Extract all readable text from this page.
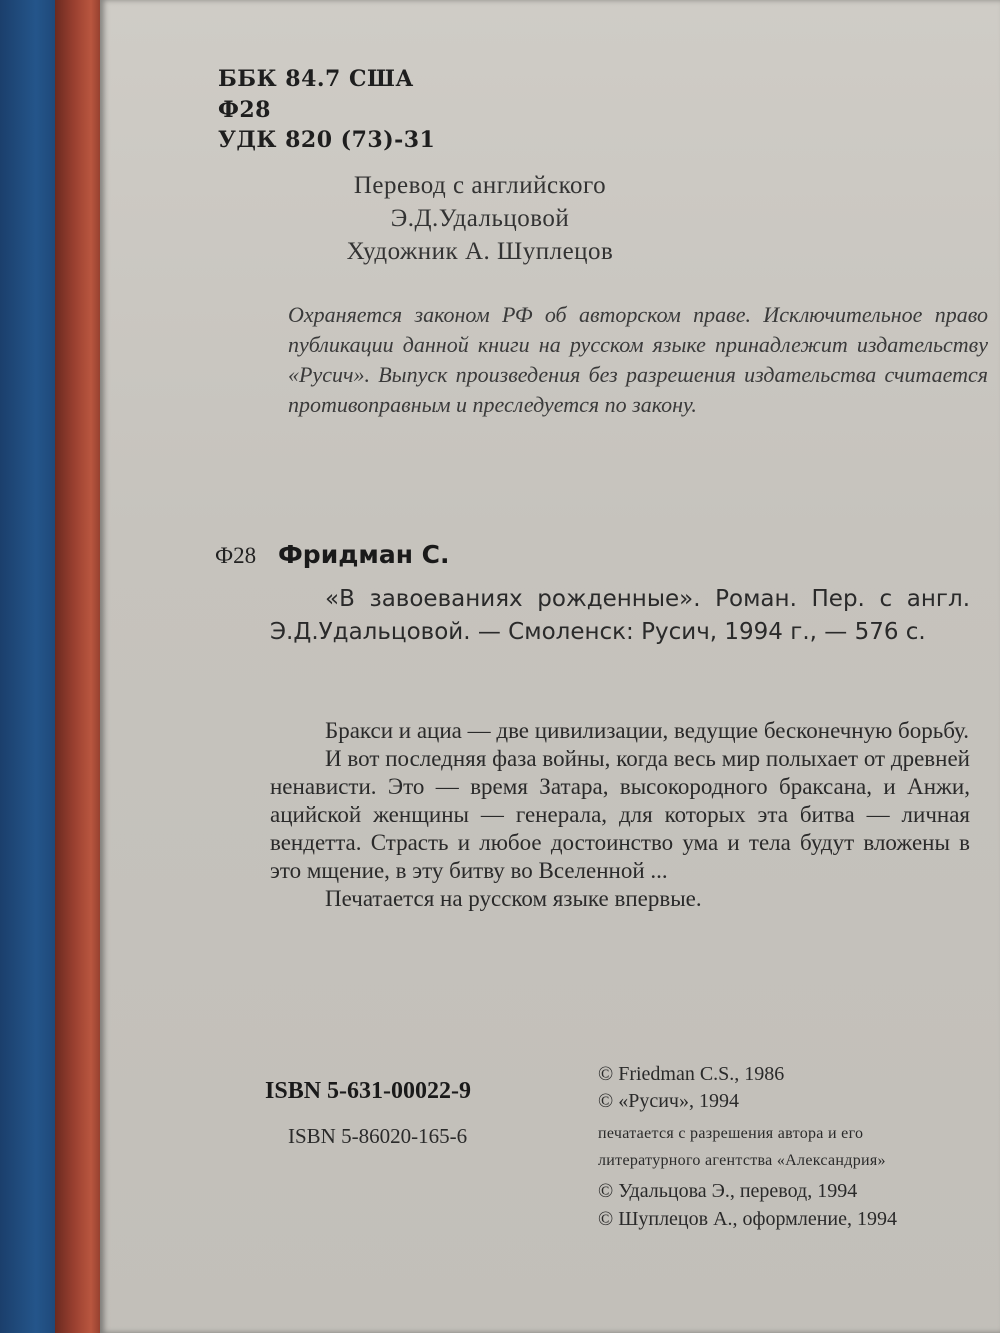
ББК 84.7 США
Ф28
УДК 820 (73)-31
Перевод с английского
Э.Д.Удальцовой
Художник А. Шуплецов
Охраняется законом РФ об авторском праве. Исключительное право публикации данной книги на русском языке принадлежит издательству «Русич». Выпуск произведения без разрешения издательства считается противоправным и преследуется по закону.
Ф28 Фридман С.
«В завоеваниях рожденные». Роман. Пер. с англ. Э.Д.Удальцовой. — Смоленск: Русич, 1994 г., — 576 с.
Бракси и ациа — две цивилизации, ведущие бесконечную борьбу.
И вот последняя фаза войны, когда весь мир полыхает от древней ненависти. Это — время Затара, высокородного браксана, и Анжи, ацийской женщины — генерала, для которых эта битва — личная вендетта. Страсть и любое достоинство ума и тела будут вложены в это мщение, в эту битву во Вселенной ...
Печатается на русском языке впервые.
ISBN 5-631-00022-9
ISBN 5-86020-165-6
© Friedman C.S., 1986
© «Русич», 1994
печатается с разрешения автора и его
литературного агентства «Александрия»
© Удальцова Э., перевод, 1994
© Шуплецов А., оформление, 1994
